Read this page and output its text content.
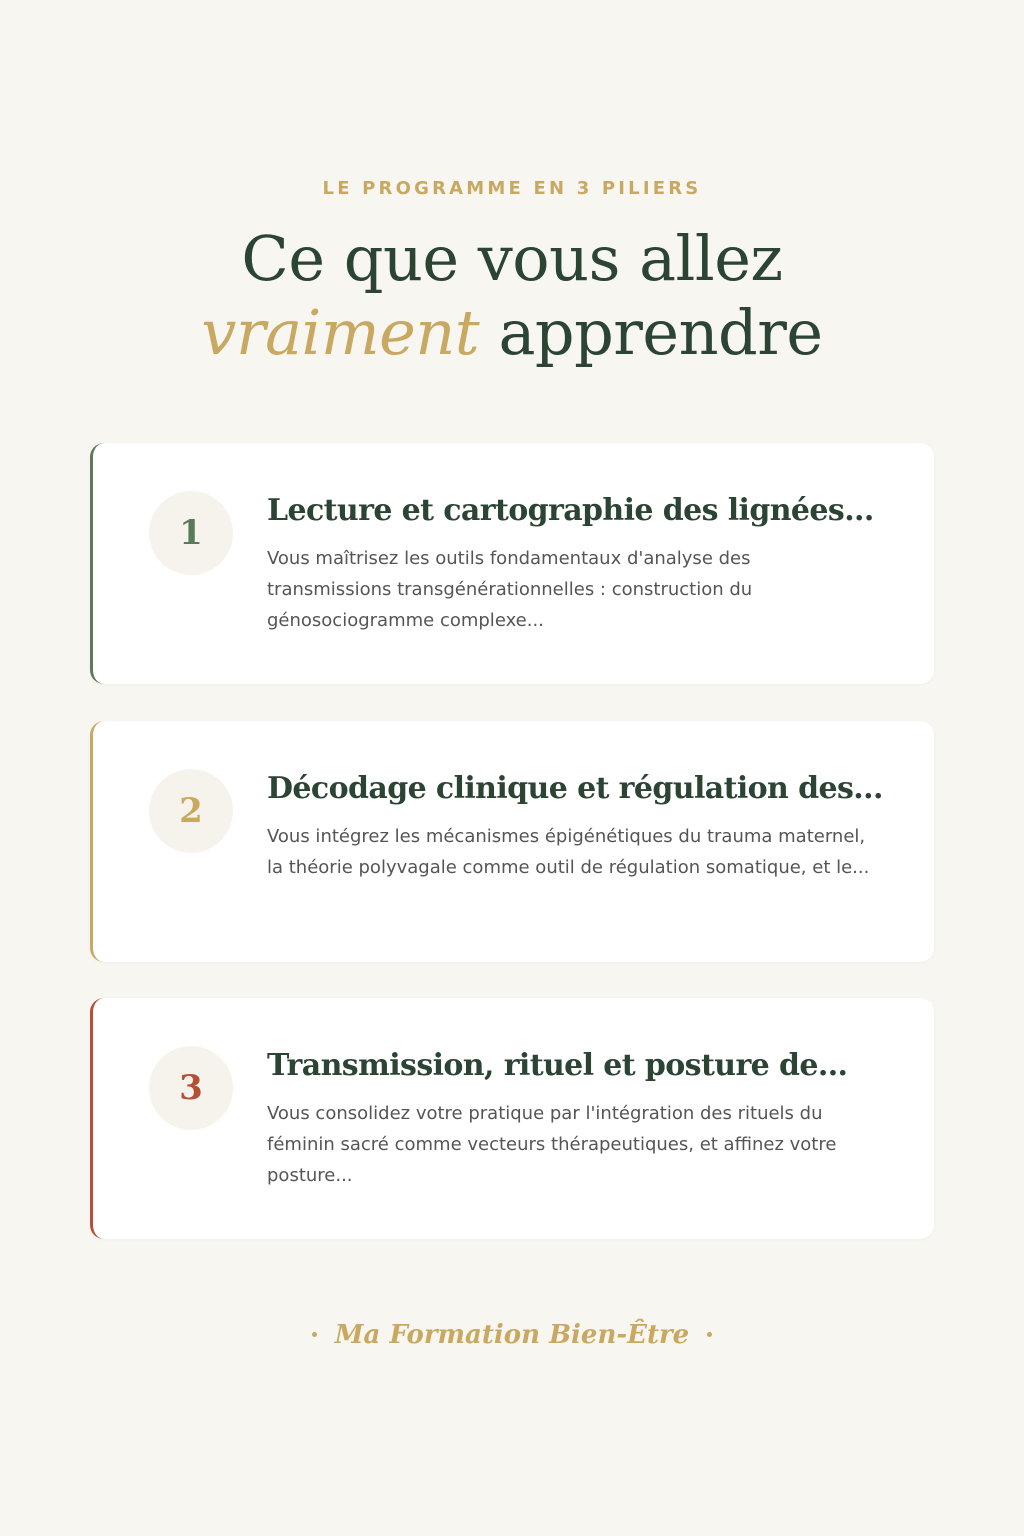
LE PROGRAMME EN 3 PILIERS
Ce que vous allez
vraiment apprendre
1
Lecture et cartographie des lignées...
Vous maîtrisez les outils fondamentaux d'analyse des transmissions transgénérationnelles : construction du génosociogramme complexe...
2
Décodage clinique et régulation des...
Vous intégrez les mécanismes épigénétiques du trauma maternel, la théorie polyvagale comme outil de régulation somatique, et le...
3
Transmission, rituel et posture de...
Vous consolidez votre pratique par l'intégration des rituels du féminin sacré comme vecteurs thérapeutiques, et affinez votre posture...
Ma Formation Bien-Être
